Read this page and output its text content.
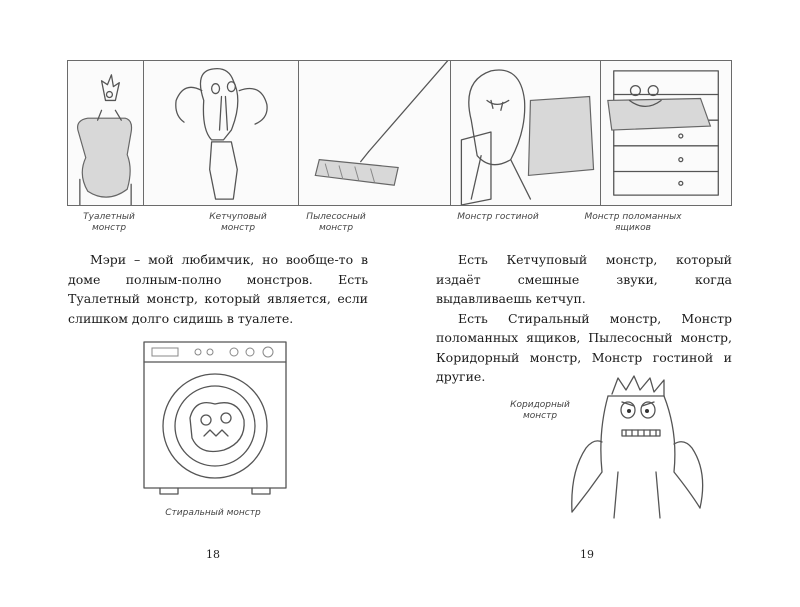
Туалетный
монстр
Кетчуповый
монстр
Пылесосный
монстр
Монстр гостиной	Монстр поломанных
ящиков

Мэри – мой любимчик, но вообще-то в доме полным-полно монстров. Есть Туалетный монстр, который является, если слишком долго сидишь в туалете.

Есть Кетчуповый монстр, который издаёт смешные звуки, когда выдавливаешь кетчуп.

Есть Стиральный монстр, Монстр поломанных ящиков, Пылесосный монстр, Коридорный монстр, Монстр гостиной и другие.

Стиральный монстр
Коридорный
монстр
18	19
